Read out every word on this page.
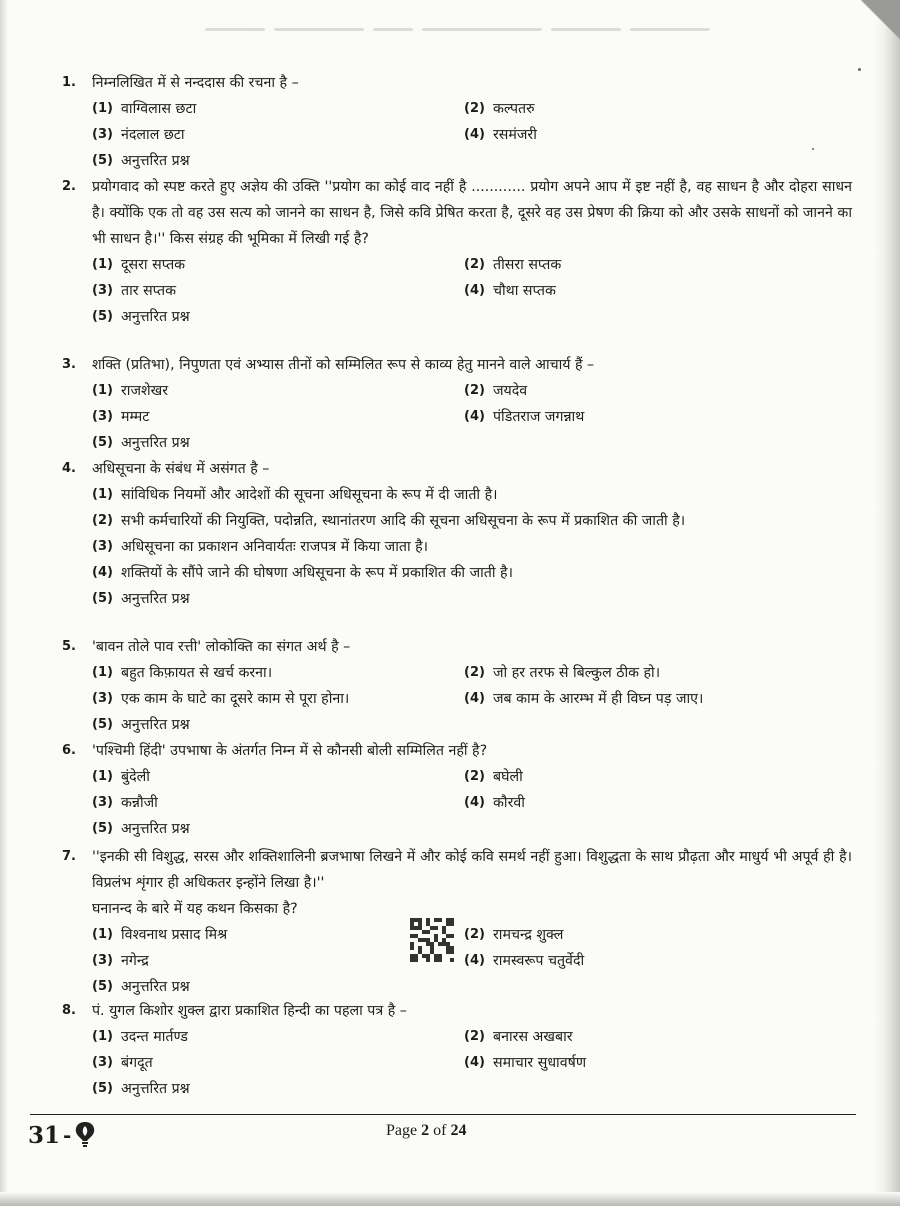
1. निम्नलिखित में से नन्ददास की रचना है –
(1) वाग्विलास छटा	(2) कल्पतरु
(3) नंदलाल छटा	(4) रसमंजरी
(5) अनुत्तरित प्रश्न
2. प्रयोगवाद को स्पष्ट करते हुए अज्ञेय की उक्ति ''प्रयोग का कोई वाद नहीं है ............ प्रयोग अपने आप में इष्ट नहीं है, वह साधन है और दोहरा साधन है। क्योंकि एक तो वह उस सत्य को जानने का साधन है, जिसे कवि प्रेषित करता है, दूसरे वह उस प्रेषण की क्रिया को और उसके साधनों को जानने का भी साधन है।'' किस संग्रह की भूमिका में लिखी गई है?
(1) दूसरा सप्तक	(2) तीसरा सप्तक
(3) तार सप्तक	(4) चौथा सप्तक
(5) अनुत्तरित प्रश्न
3. शक्ति (प्रतिभा), निपुणता एवं अभ्यास तीनों को सम्मिलित रूप से काव्य हेतु मानने वाले आचार्य हैं –
(1) राजशेखर	(2) जयदेव
(3) मम्मट	(4) पंडितराज जगन्नाथ
(5) अनुत्तरित प्रश्न
4. अधिसूचना के संबंध में असंगत है –
(1) सांविधिक नियमों और आदेशों की सूचना अधिसूचना के रूप में दी जाती है।
(2) सभी कर्मचारियों की नियुक्ति, पदोन्नति, स्थानांतरण आदि की सूचना अधिसूचना के रूप में प्रकाशित की जाती है।
(3) अधिसूचना का प्रकाशन अनिवार्यतः राजपत्र में किया जाता है।
(4) शक्तियों के सौंपे जाने की घोषणा अधिसूचना के रूप में प्रकाशित की जाती है।
(5) अनुत्तरित प्रश्न
5. 'बावन तोले पाव रत्ती' लोकोक्ति का संगत अर्थ है –
(1) बहुत किफ़ायत से खर्च करना।	(2) जो हर तरफ से बिल्कुल ठीक हो।
(3) एक काम के घाटे का दूसरे काम से पूरा होना।	(4) जब काम के आरम्भ में ही विघ्न पड़ जाए।
(5) अनुत्तरित प्रश्न
6. 'पश्चिमी हिंदी' उपभाषा के अंतर्गत निम्न में से कौनसी बोली सम्मिलित नहीं है?
(1) बुंदेली	(2) बघेली
(3) कन्नौजी	(4) कौरवी
(5) अनुत्तरित प्रश्न
7. ''इनकी सी विशुद्ध, सरस और शक्तिशालिनी ब्रजभाषा लिखने में और कोई कवि समर्थ नहीं हुआ। विशुद्धता के साथ प्रौढ़ता और माधुर्य भी अपूर्व ही है। विप्रलंभ शृंगार ही अधिकतर इन्होंने लिखा है।''
घनानन्द के बारे में यह कथन किसका है?
(1) विश्वनाथ प्रसाद मिश्र	(2) रामचन्द्र शुक्ल
(3) नगेन्द्र	(4) रामस्वरूप चतुर्वेदी
(5) अनुत्तरित प्रश्न
8. पं. युगल किशोर शुक्ल द्वारा प्रकाशित हिन्दी का पहला पत्र है –
(1) उदन्त मार्तण्ड	(2) बनारस अखबार
(3) बंगदूत	(4) समाचार सुधावर्षण
(5) अनुत्तरित प्रश्न
31 -	Page 2 of 24
